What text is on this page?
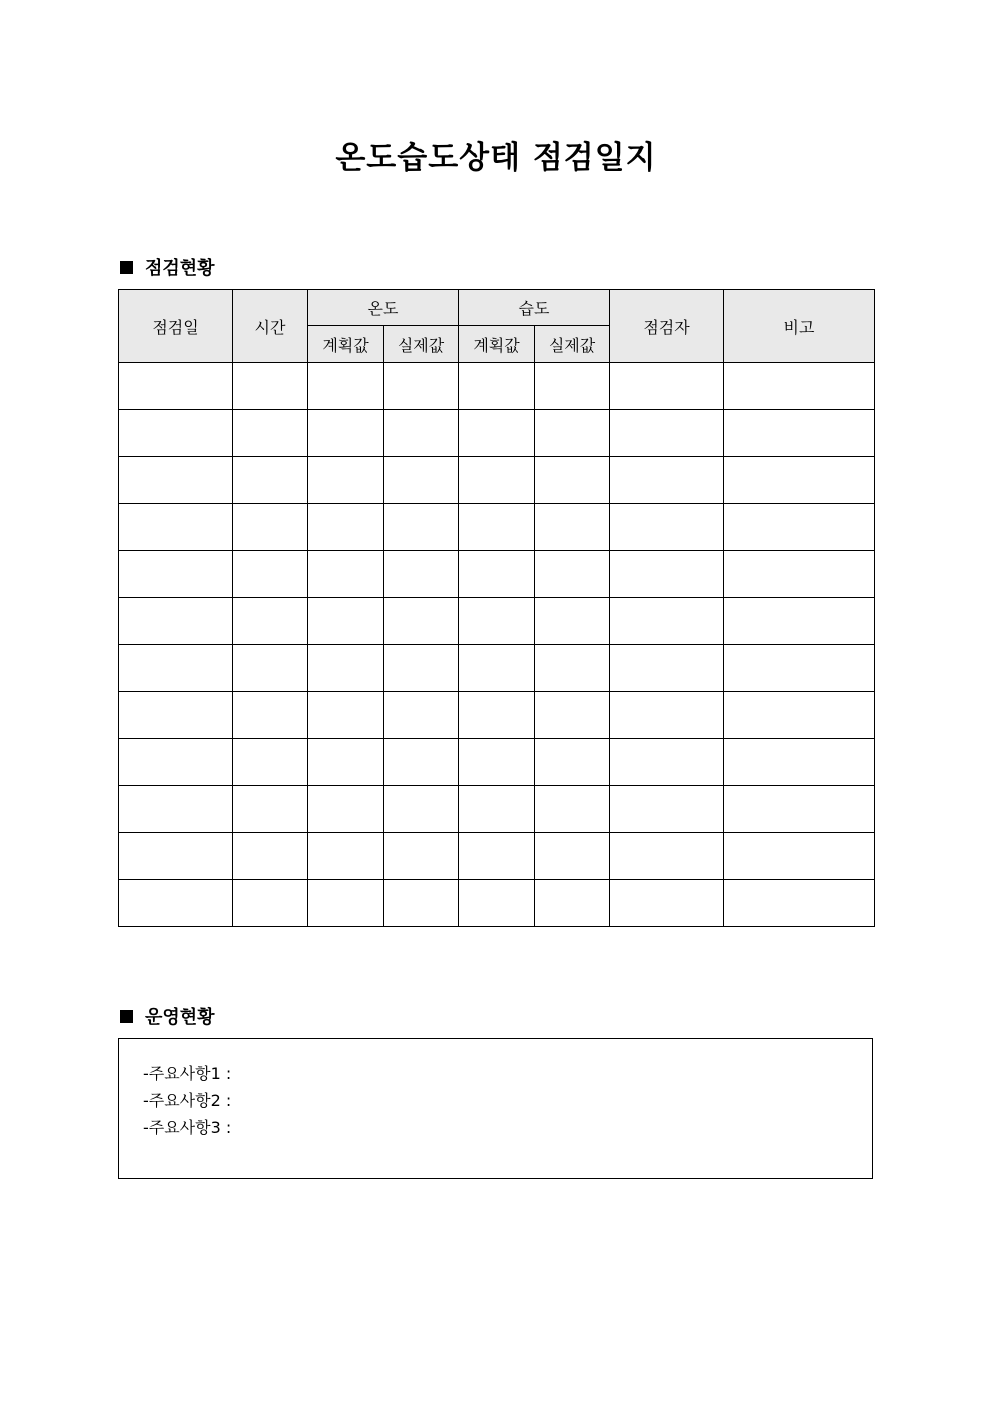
온도습도상태 점검일지
점검현황
점검일	시간	온도		습도		점검자	비고
		계획값	실제값	계획값	실제값		

운영현황
-주요사항1 :
-주요사항2 :
-주요사항3 :
